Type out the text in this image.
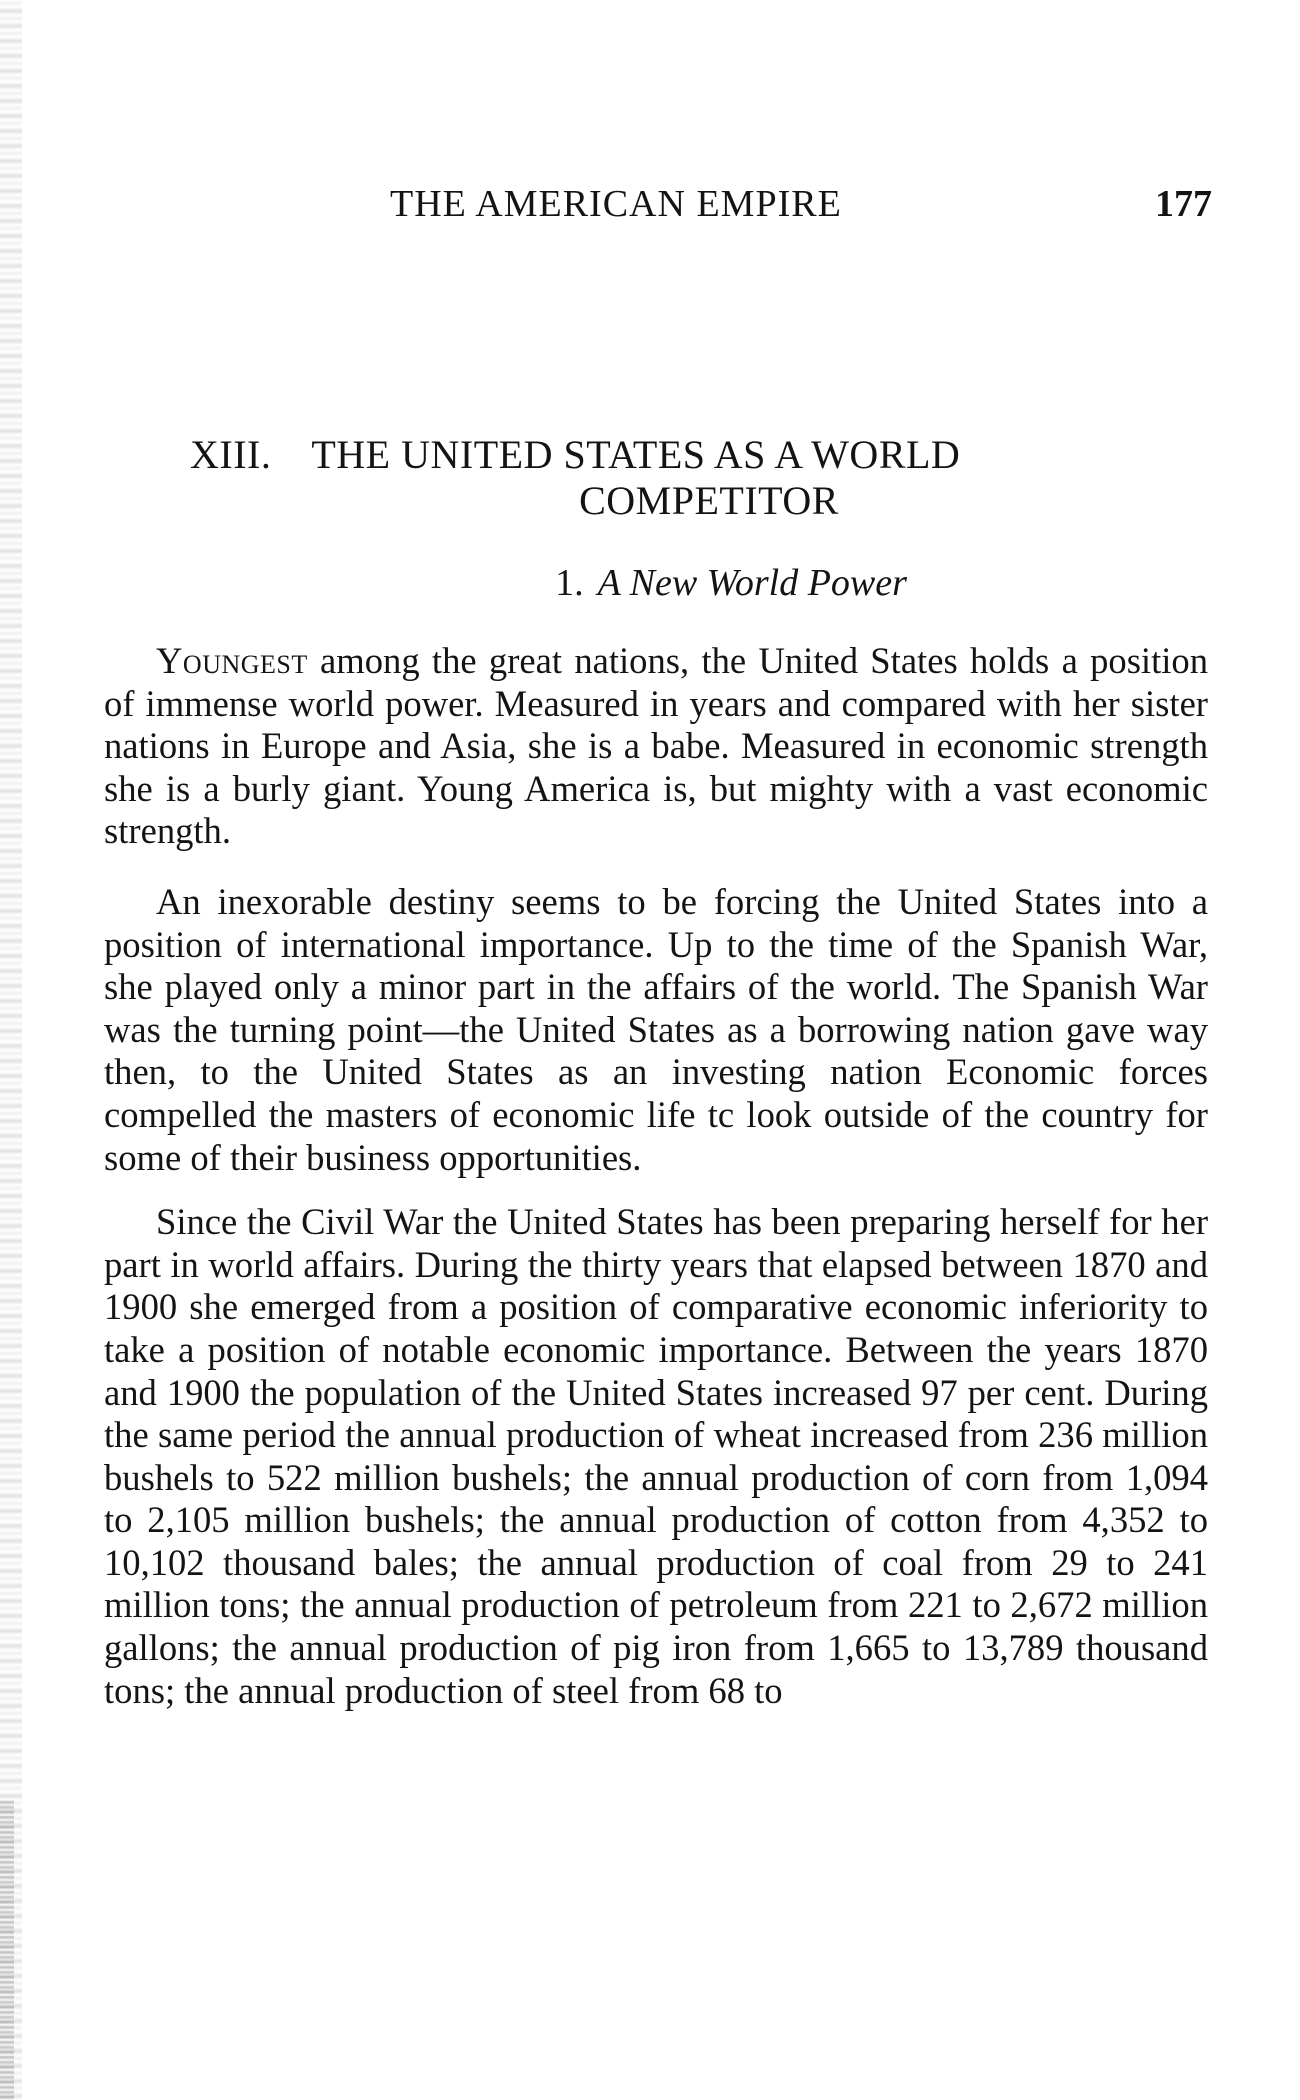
THE AMERICAN EMPIRE	177
XIII. THE UNITED STATES AS A WORLD
COMPETITOR
1. A New World Power

Youngest among the great nations, the United States holds a position of immense world power. Measured in years and compared with her sister nations in Europe and Asia, she is a babe. Measured in economic strength she is a burly giant. Young America is, but mighty with a vast economic strength.

An inexorable destiny seems to be forcing the United States into a position of international importance. Up to the time of the Spanish War, she played only a minor part in the affairs of the world. The Spanish War was the turning point—the United States as a borrowing nation gave way then, to the United States as an investing nation Economic forces compelled the masters of economic life tc look outside of the country for some of their business opportunities.

Since the Civil War the United States has been preparing herself for her part in world affairs. During the thirty years that elapsed between 1870 and 1900 she emerged from a position of comparative economic inferiority to take a position of notable economic importance. Between the years 1870 and 1900 the population of the United States increased 97 per cent. During the same period the annual production of wheat increased from 236 million bushels to 522 million bushels; the annual production of corn from 1,094 to 2,105 million bushels; the annual production of cotton from 4,352 to 10,102 thousand bales; the annual production of coal from 29 to 241 million tons; the annual production of petroleum from 221 to 2,672 million gallons; the annual production of pig iron from 1,665 to 13,789 thousand tons; the annual production of steel from 68 to
